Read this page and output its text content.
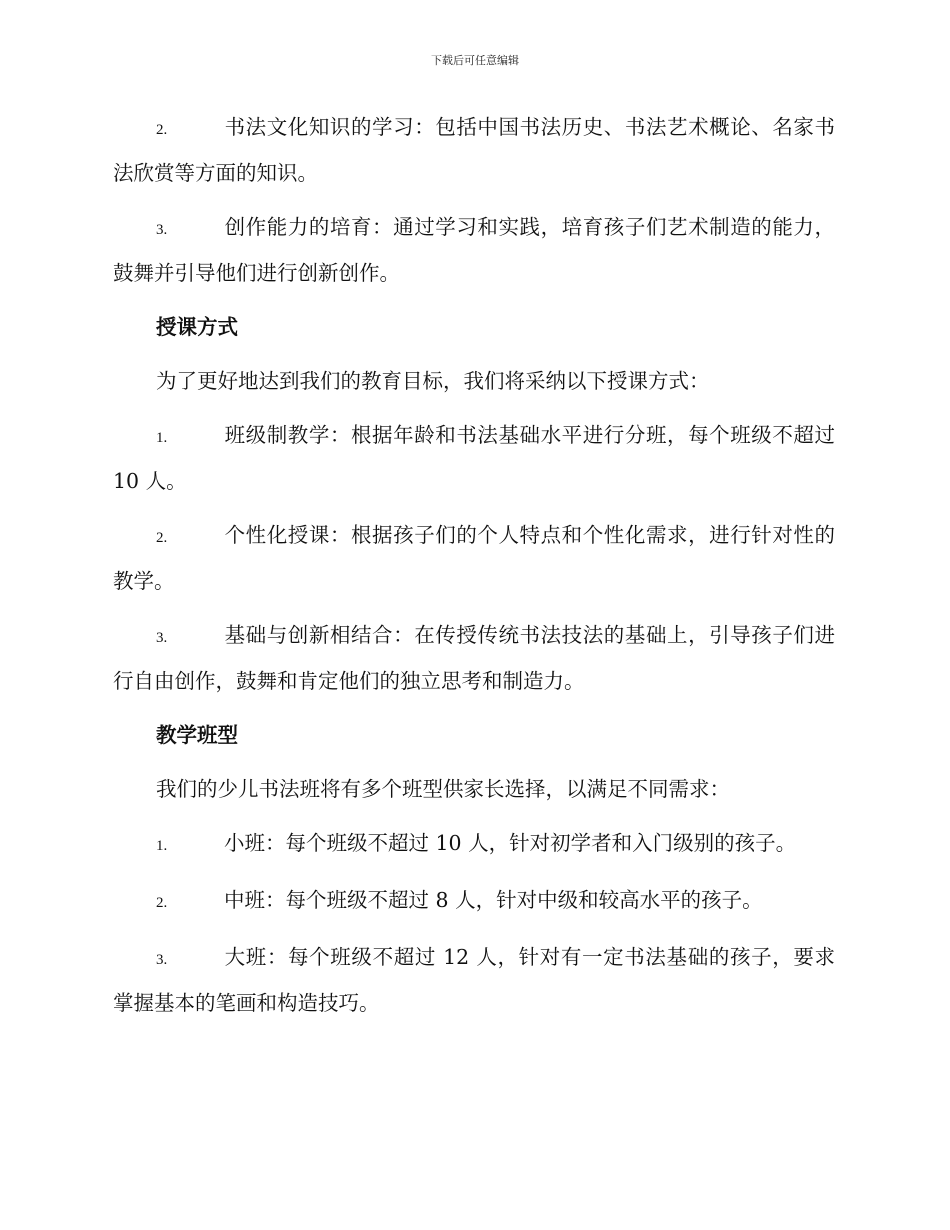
下载后可任意编辑

2.	书法文化知识的学习：包括中国书法历史、书法艺术概论、名家书法欣赏等方面的知识。

3.	创作能力的培育：通过学习和实践，培育孩子们艺术制造的能力，鼓舞并引导他们进行创新创作。

授课方式

为了更好地达到我们的教育目标，我们将采纳以下授课方式：

1.	班级制教学：根据年龄和书法基础水平进行分班，每个班级不超过 10 人。

2.	个性化授课：根据孩子们的个人特点和个性化需求，进行针对性的教学。

3.	基础与创新相结合：在传授传统书法技法的基础上，引导孩子们进行自由创作，鼓舞和肯定他们的独立思考和制造力。

教学班型

我们的少儿书法班将有多个班型供家长选择，以满足不同需求：

1.	小班：每个班级不超过 10 人，针对初学者和入门级别的孩子。

2.	中班：每个班级不超过 8 人，针对中级和较高水平的孩子。

3.	大班：每个班级不超过 12 人，针对有一定书法基础的孩子，要求掌握基本的笔画和构造技巧。
